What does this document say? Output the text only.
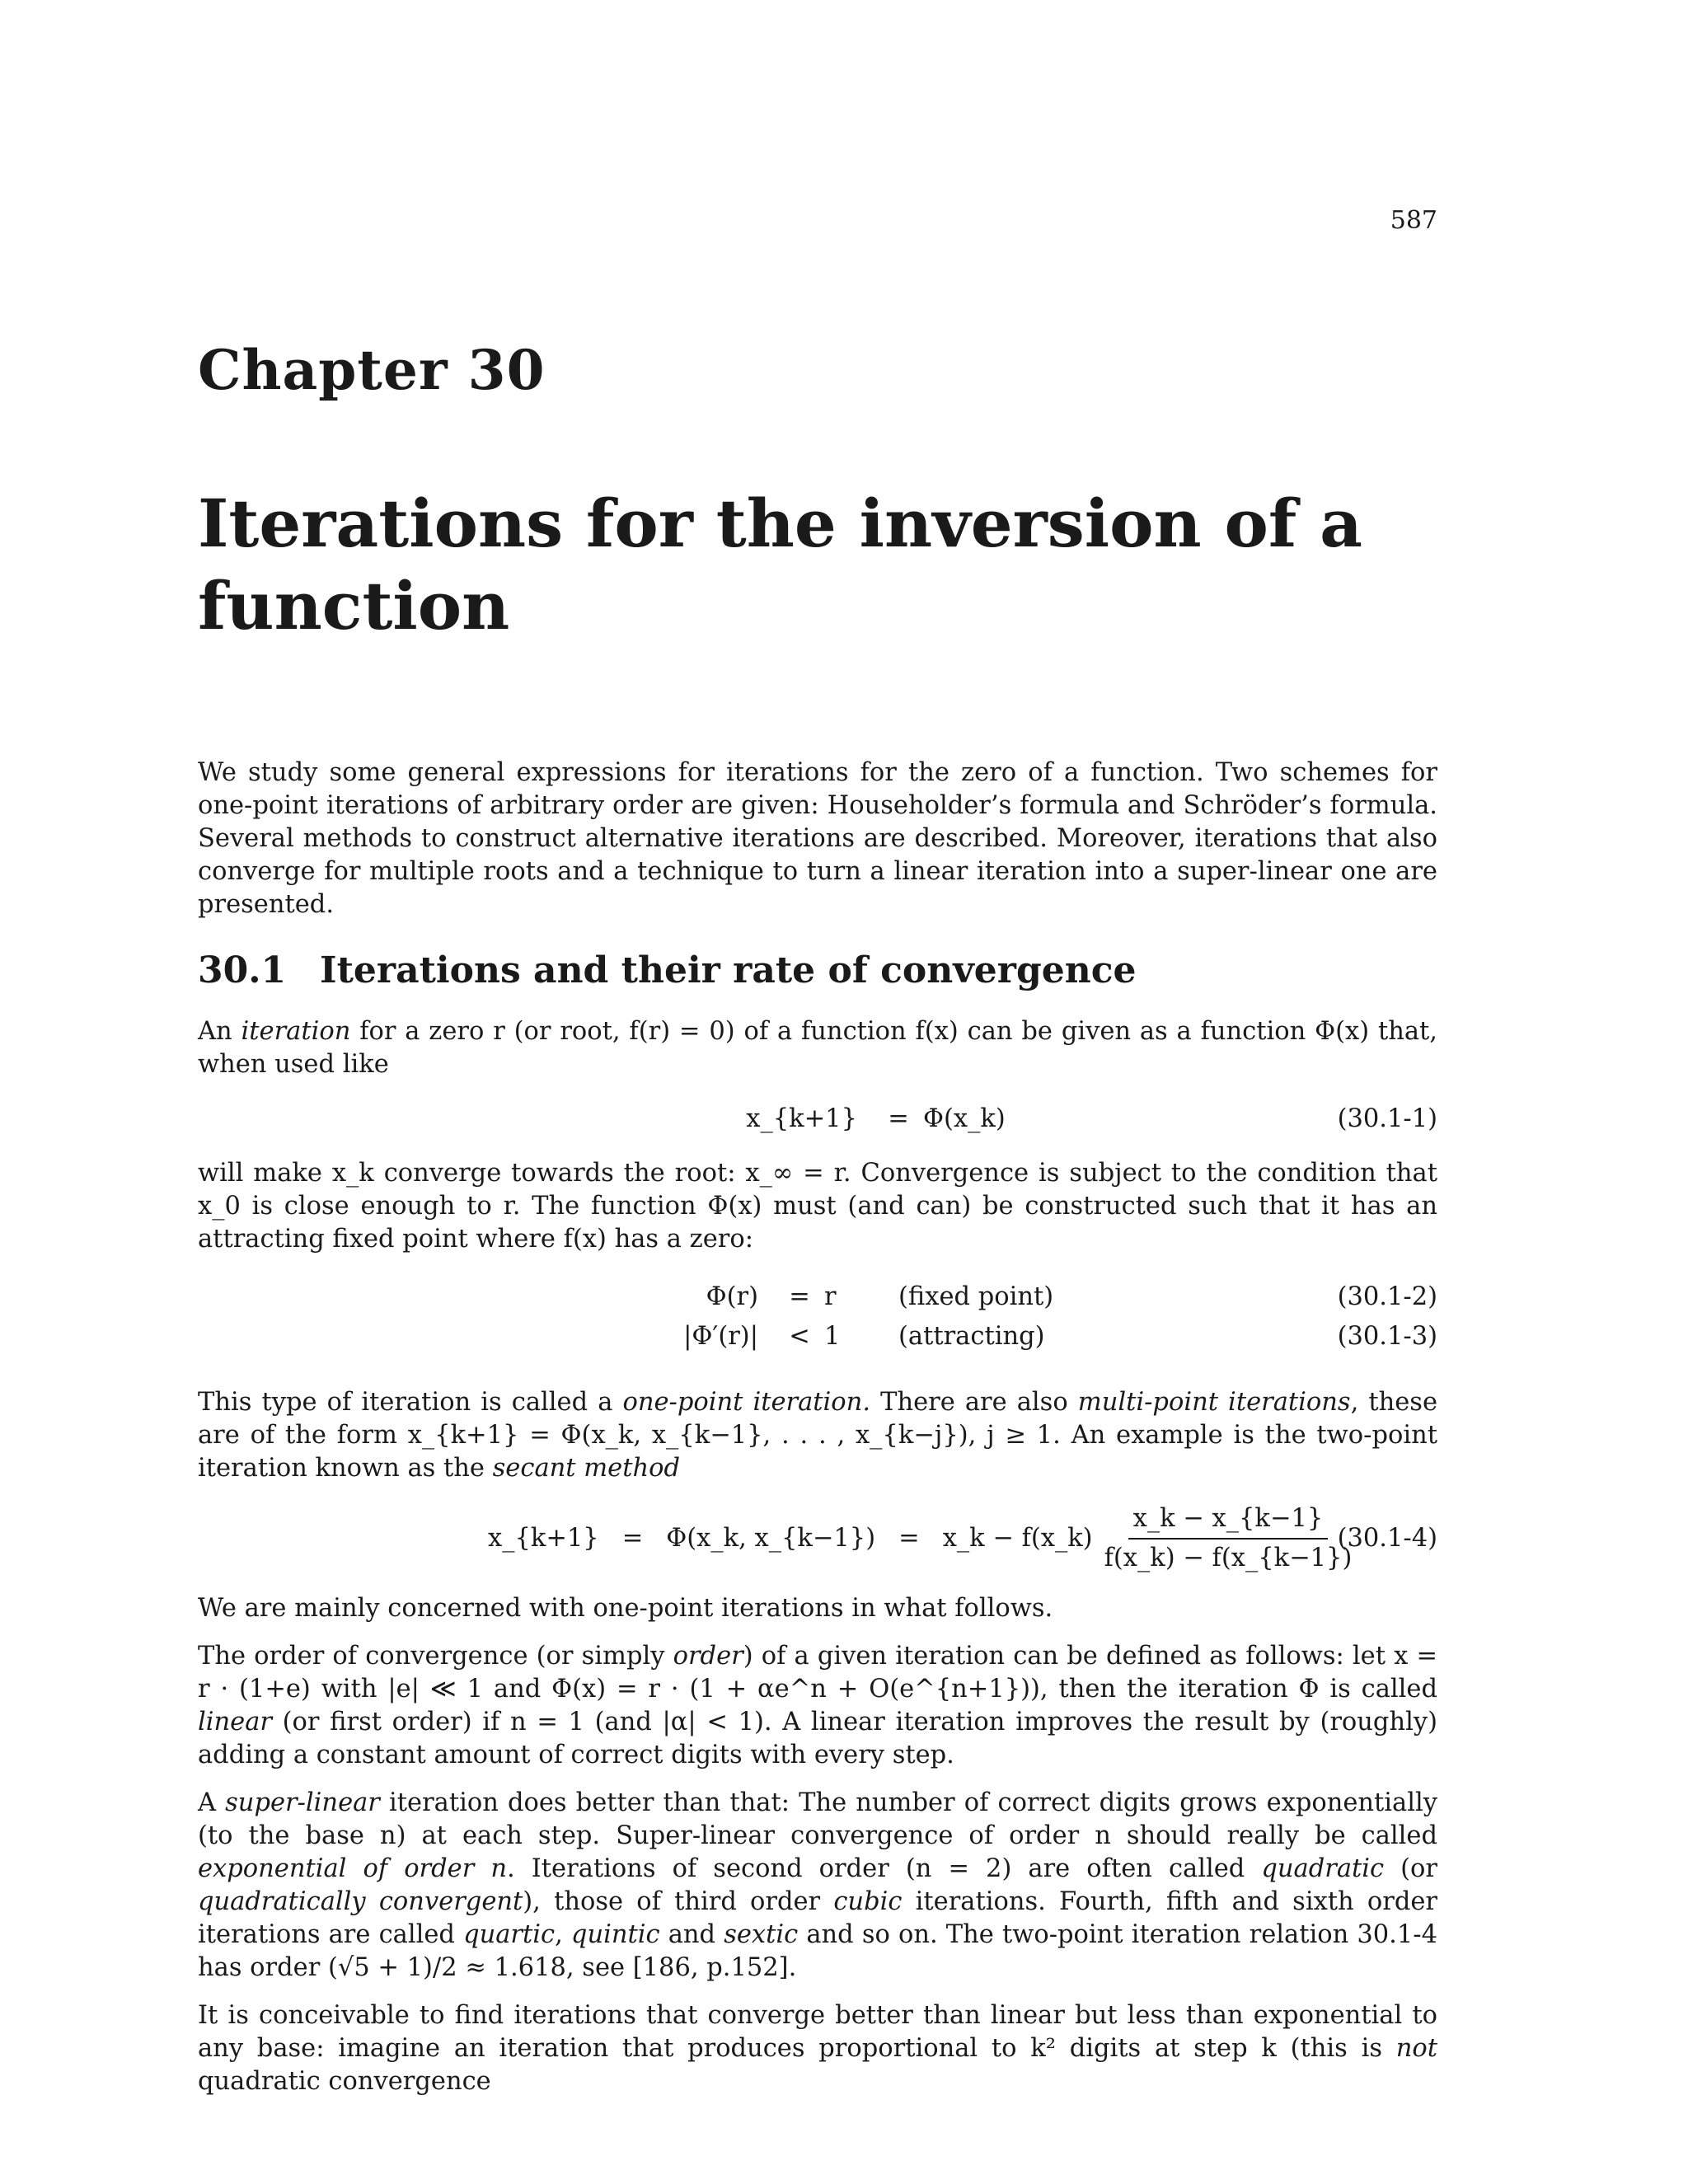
587
Chapter 30
Iterations for the inversion of a function

We study some general expressions for iterations for the zero of a function. Two schemes for one-point iterations of arbitrary order are given: Householder’s formula and Schröder’s formula. Several methods to construct alternative iterations are described. Moreover, iterations that also converge for multiple roots and a technique to turn a linear iteration into a super-linear one are presented.

30.1 Iterations and their rate of convergence

An iteration for a zero r (or root, f(r) = 0) of a function f(x) can be given as a function Φ(x) that, when used like

x_{k+1}	= Φ(x_k)	(30.1-1)

will make x_k converge towards the root: x_∞ = r. Convergence is subject to the condition that x_0 is close enough to r. The function Φ(x) must (and can) be constructed such that it has an attracting fixed point where f(x) has a zero:

Φ(r)	= r	(fixed point)	(30.1-2)
|Φ′(r)|	< 1	(attracting)	(30.1-3)

This type of iteration is called a one-point iteration. There are also multi-point iterations, these are of the form x_{k+1} = Φ(x_k, x_{k−1}, . . . , x_{k−j}), j ≥ 1. An example is the two-point iteration known as the secant method

x_{k+1} = Φ(x_k, x_{k−1}) = x_k − f(x_k) $\frac{x\_k - x\_\{k-1\}}{f(x\_k) - f(x\_\{k-1\})}$
(30.1-4)

We are mainly concerned with one-point iterations in what follows.

The order of convergence (or simply order) of a given iteration can be defined as follows: let x = r · (1+e) with |e| ≪ 1 and Φ(x) = r · (1 + αe^n + O(e^{n+1})), then the iteration Φ is called linear (or first order) if n = 1 (and |α| < 1). A linear iteration improves the result by (roughly) adding a constant amount of correct digits with every step.

A super-linear iteration does better than that: The number of correct digits grows exponentially (to the base n) at each step. Super-linear convergence of order n should really be called exponential of order n. Iterations of second order (n = 2) are often called quadratic (or quadratically convergent), those of third order cubic iterations. Fourth, fifth and sixth order iterations are called quartic, quintic and sextic and so on. The two-point iteration relation 30.1-4 has order (√5 + 1)/2 ≈ 1.618, see [186, p.152].

It is conceivable to find iterations that converge better than linear but less than exponential to any base: imagine an iteration that produces proportional to k² digits at step k (this is not quadratic convergence
